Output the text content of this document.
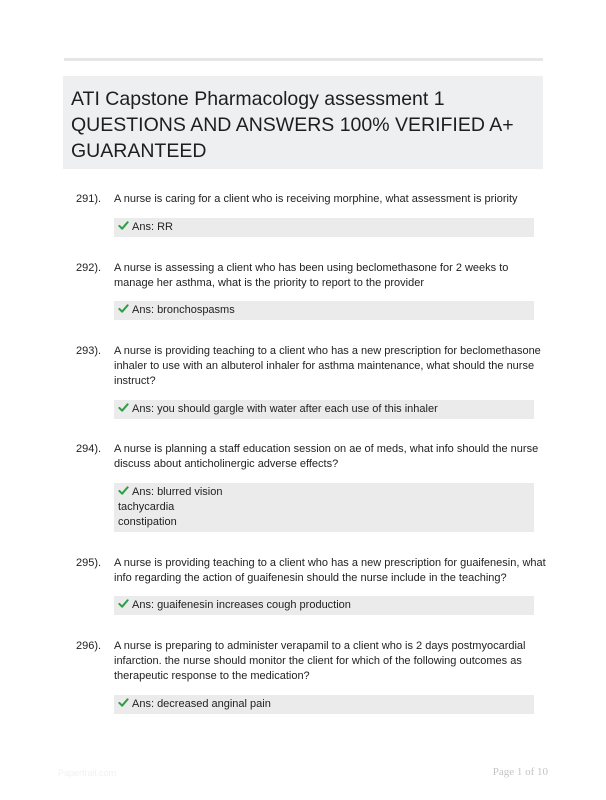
ATI Capstone Pharmacology assessment 1
QUESTIONS AND ANSWERS 100% VERIFIED A+
GUARANTEED
291). A nurse is caring for a client who is receiving morphine, what assessment is priority
Ans: RR
292). A nurse is assessing a client who has been using beclomethasone for 2 weeks to
manage her asthma, what is the priority to report to the provider
Ans: bronchospasms
293). A nurse is providing teaching to a client who has a new prescription for beclomethasone
inhaler to use with an albuterol inhaler for asthma maintenance, what should the nurse
instruct?
Ans: you should gargle with water after each use of this inhaler
294). A nurse is planning a staff education session on ae of meds, what info should the nurse
discuss about anticholinergic adverse effects?
Ans: blurred vision
tachycardia
constipation
295). A nurse is providing teaching to a client who has a new prescription for guaifenesin, what
info regarding the action of guaifenesin should the nurse include in the teaching?
Ans: guaifenesin increases cough production
296). A nurse is preparing to administer verapamil to a client who is 2 days postmyocardial
infarction. the nurse should monitor the client for which of the following outcomes as
therapeutic response to the medication?
Ans: decreased anginal pain
Papertrail.com	Page 1 of 10
